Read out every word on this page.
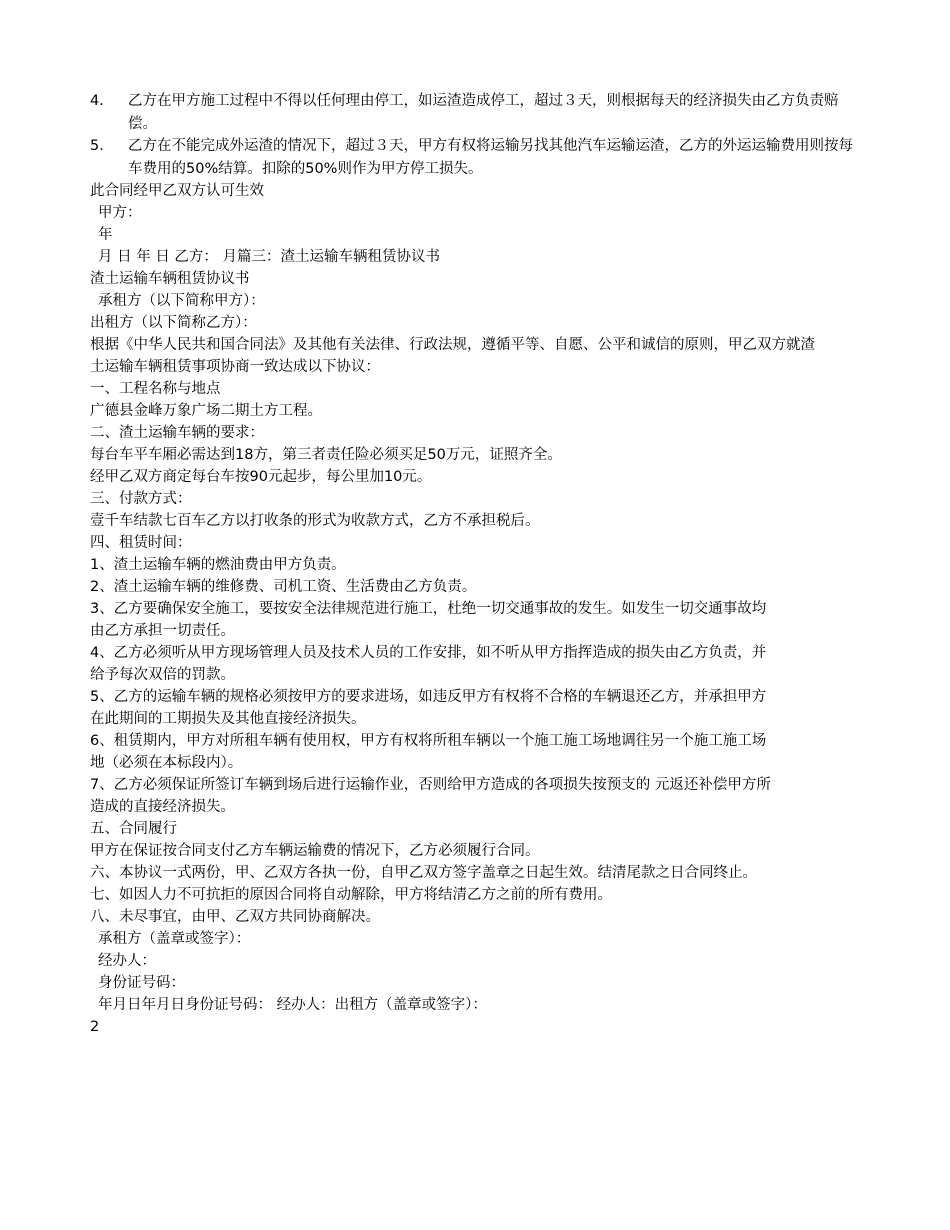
4． 乙方在甲方施工过程中不得以任何理由停工，如运渣造成停工，超过３天，则根据每天的经济损失由乙方负责赔偿。
5． 乙方在不能完成外运渣的情况下，超过３天，甲方有权将运输另找其他汽车运输运渣，乙方的外运运输费用则按每车费用的50%结算。扣除的50%则作为甲方停工损失。
此合同经甲乙双方认可生效
甲方：
年
月 日 年 日 乙方： 月篇三：渣土运输车辆租赁协议书
渣土运输车辆租赁协议书
承租方（以下简称甲方）：
出租方（以下简称乙方）：
根据《中华人民共和国合同法》及其他有关法律、行政法规，遵循平等、自愿、公平和诚信的原则，甲乙双方就渣
土运输车辆租赁事项协商一致达成以下协议：
一、工程名称与地点
广德县金峰万象广场二期土方工程。
二、渣土运输车辆的要求：
每台车平车厢必需达到18方，第三者责任险必须买足50万元，证照齐全。
经甲乙双方商定每台车按90元起步，每公里加10元。
三、付款方式：
壹千车结款七百车乙方以打收条的形式为收款方式，乙方不承担税后。
四、租赁时间：
1、渣土运输车辆的燃油费由甲方负责。
2、渣土运输车辆的维修费、司机工资、生活费由乙方负责。
3、乙方要确保安全施工，要按安全法律规范进行施工，杜绝一切交通事故的发生。如发生一切交通事故均
由乙方承担一切责任。
4、乙方必须听从甲方现场管理人员及技术人员的工作安排，如不听从甲方指挥造成的损失由乙方负责，并
给予每次双倍的罚款。
5、乙方的运输车辆的规格必须按甲方的要求进场，如违反甲方有权将不合格的车辆退还乙方，并承担甲方
在此期间的工期损失及其他直接经济损失。
6、租赁期内，甲方对所租车辆有使用权，甲方有权将所租车辆以一个施工施工场地调往另一个施工施工场
地（必须在本标段内）。
7、乙方必须保证所签订车辆到场后进行运输作业，否则给甲方造成的各项损失按预支的 元返还补偿甲方所
造成的直接经济损失。
五、合同履行
甲方在保证按合同支付乙方车辆运输费的情况下，乙方必须履行合同。
六、本协议一式两份，甲、乙双方各执一份，自甲乙双方签字盖章之日起生效。结清尾款之日合同终止。
七、如因人力不可抗拒的原因合同将自动解除，甲方将结清乙方之前的所有费用。
八、未尽事宜，由甲、乙双方共同协商解决。
承租方（盖章或签字）：
经办人：
身份证号码：
年月日年月日身份证号码： 经办人：出租方（盖章或签字）：
2
